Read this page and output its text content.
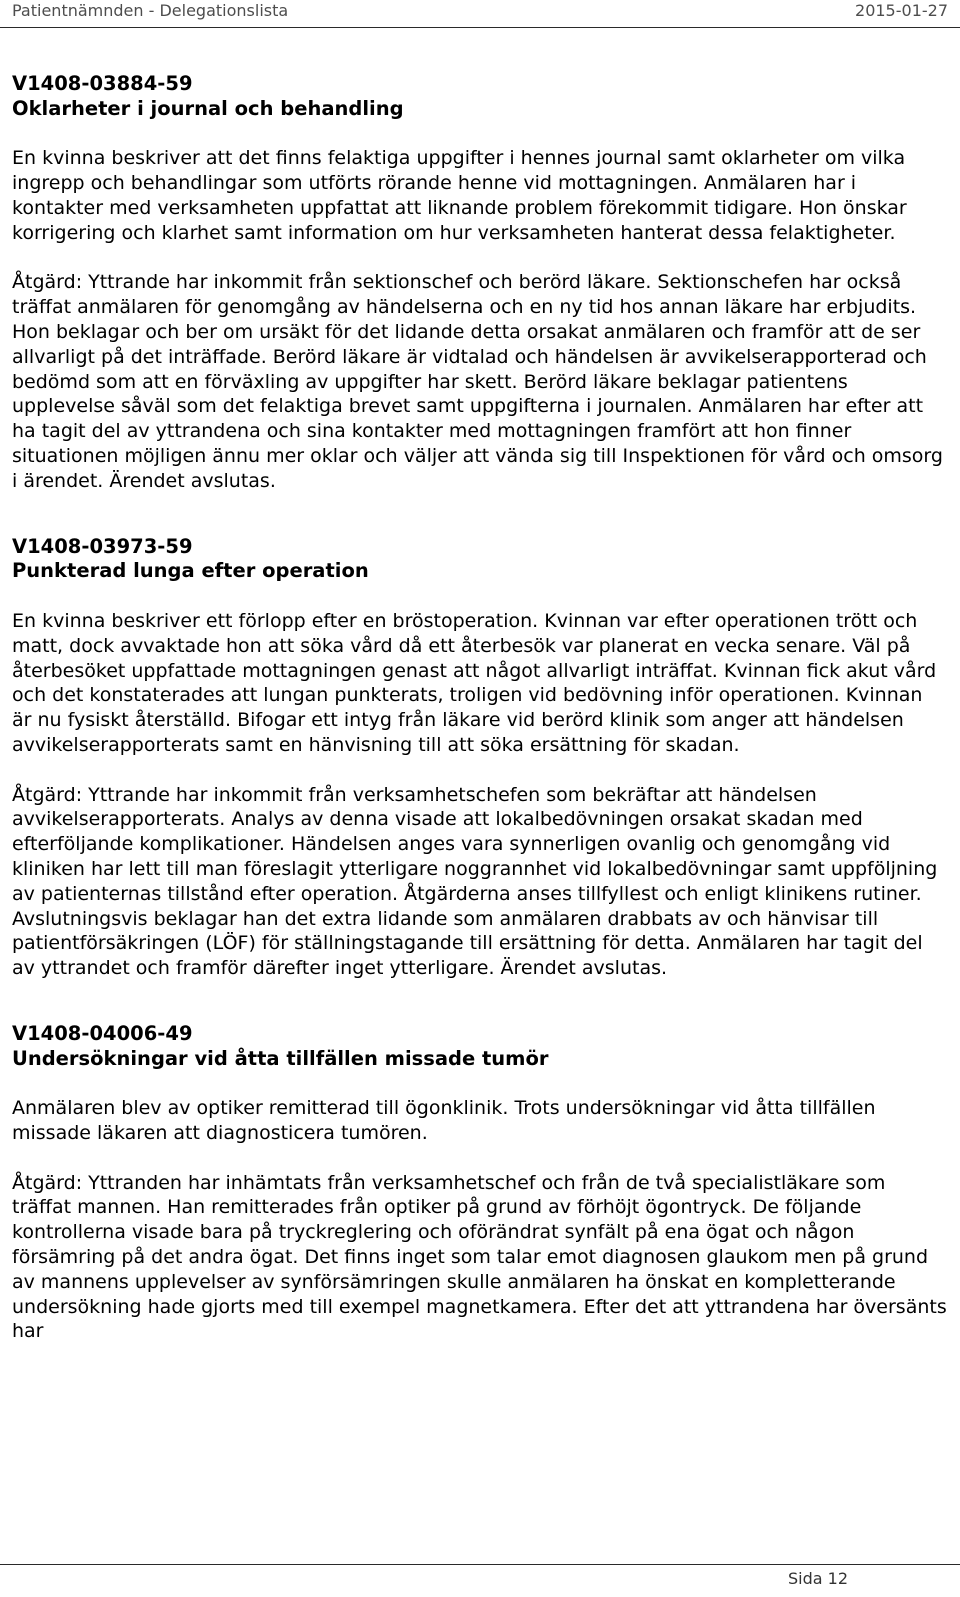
Patientnämnden - Delegationslista	2015-01-27
V1408-03884-59
Oklarheter i journal och behandling

En kvinna beskriver att det finns felaktiga uppgifter i hennes journal samt oklarheter om vilka ingrepp och behandlingar som utförts rörande henne vid mottagningen. Anmälaren har i kontakter med verksamheten uppfattat att liknande problem förekommit tidigare. Hon önskar korrigering och klarhet samt information om hur verksamheten hanterat dessa felaktigheter.

Åtgärd: Yttrande har inkommit från sektionschef och berörd läkare. Sektionschefen har också träffat anmälaren för genomgång av händelserna och en ny tid hos annan läkare har erbjudits. Hon beklagar och ber om ursäkt för det lidande detta orsakat anmälaren och framför att de ser allvarligt på det inträffade. Berörd läkare är vidtalad och händelsen är avvikelserapporterad och bedömd som att en förväxling av uppgifter har skett. Berörd läkare beklagar patientens upplevelse såväl som det felaktiga brevet samt uppgifterna i journalen. Anmälaren har efter att ha tagit del av yttrandena och sina kontakter med mottagningen framfört att hon finner situationen möjligen ännu mer oklar och väljer att vända sig till Inspektionen för vård och omsorg i ärendet. Ärendet avslutas.

V1408-03973-59
Punkterad lunga efter operation

En kvinna beskriver ett förlopp efter en bröstoperation. Kvinnan var efter operationen trött och matt, dock avvaktade hon att söka vård då ett återbesök var planerat en vecka senare. Väl på återbesöket uppfattade mottagningen genast att något allvarligt inträffat. Kvinnan fick akut vård och det konstaterades att lungan punkterats, troligen vid bedövning inför operationen. Kvinnan är nu fysiskt återställd. Bifogar ett intyg från läkare vid berörd klinik som anger att händelsen avvikelserapporterats samt en hänvisning till att söka ersättning för skadan.

Åtgärd: Yttrande har inkommit från verksamhetschefen som bekräftar att händelsen avvikelserapporterats. Analys av denna visade att lokalbedövningen orsakat skadan med efterföljande komplikationer. Händelsen anges vara synnerligen ovanlig och genomgång vid kliniken har lett till man föreslagit ytterligare noggrannhet vid lokalbedövningar samt uppföljning av patienternas tillstånd efter operation. Åtgärderna anses tillfyllest och enligt klinikens rutiner. Avslutningsvis beklagar han det extra lidande som anmälaren drabbats av och hänvisar till patientförsäkringen (LÖF) för ställningstagande till ersättning för detta. Anmälaren har tagit del av yttrandet och framför därefter inget ytterligare. Ärendet avslutas.

V1408-04006-49
Undersökningar vid åtta tillfällen missade tumör

Anmälaren blev av optiker remitterad till ögonklinik. Trots undersökningar vid åtta tillfällen missade läkaren att diagnosticera tumören.

Åtgärd: Yttranden har inhämtats från verksamhetschef och från de två specialistläkare som träffat mannen. Han remitterades från optiker på grund av förhöjt ögontryck. De följande kontrollerna visade bara på tryckreglering och oförändrat synfält på ena ögat och någon försämring på det andra ögat. Det finns inget som talar emot diagnosen glaukom men på grund av mannens upplevelser av synförsämringen skulle anmälaren ha önskat en kompletterande undersökning hade gjorts med till exempel magnetkamera. Efter det att yttrandena har översänts har

Sida 12
